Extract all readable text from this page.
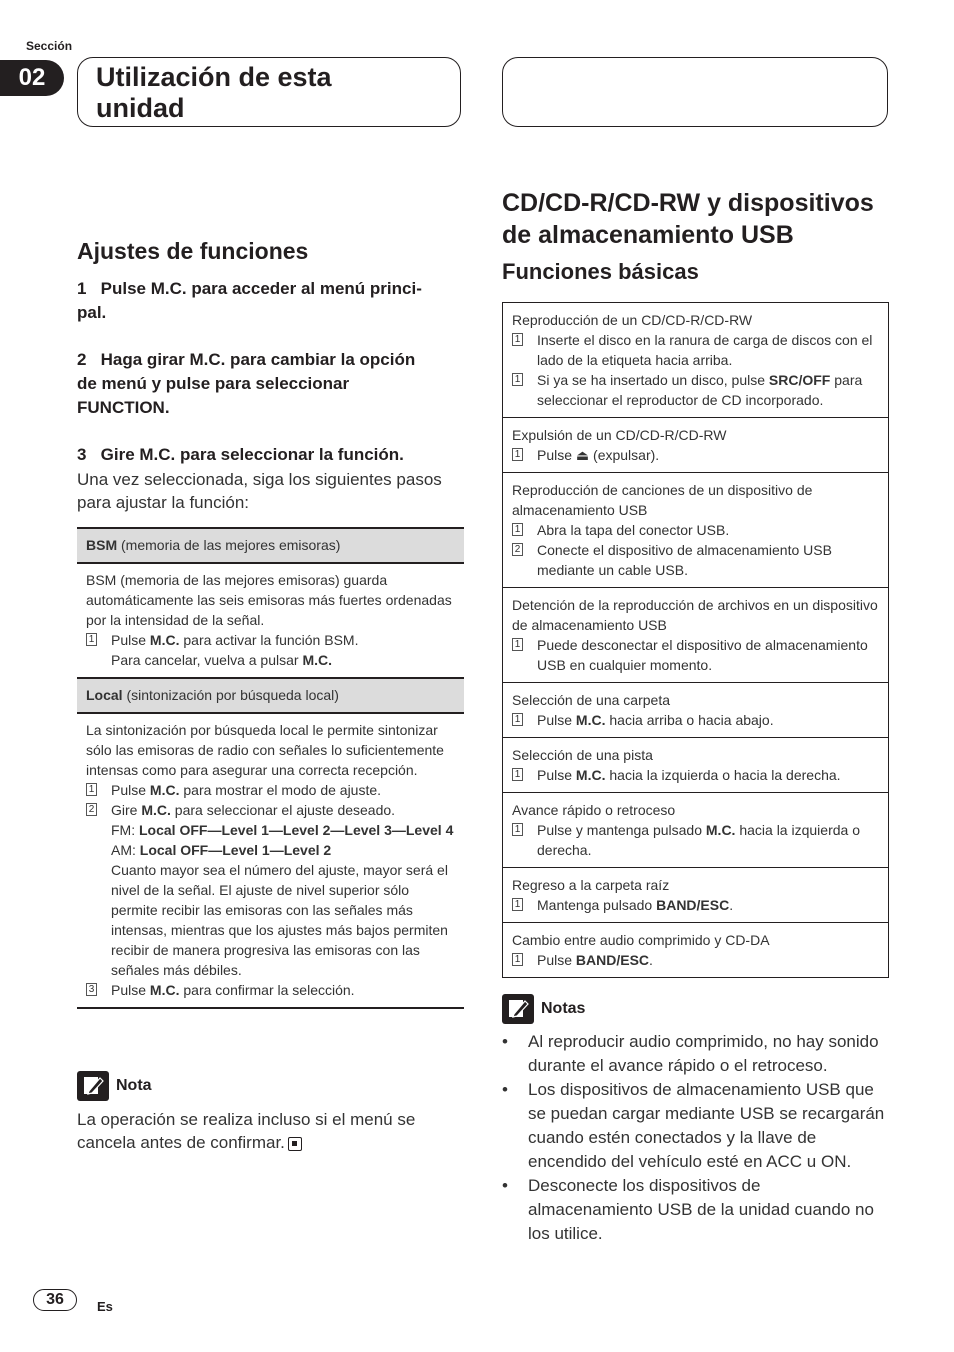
Sección
02	Utilización de esta
unidad
Ajustes de funciones
1 Pulse M.C. para acceder al menú princi-
pal.
2 Haga girar M.C. para cambiar la opción
de menú y pulse para seleccionar
FUNCTION.
3 Gire M.C. para seleccionar la función.
Una vez seleccionada, siga los siguientes pasos para ajustar la función:
BSM (memoria de las mejores emisoras)

BSM (memoria de las mejores emisoras) guarda automáticamente las seis emisoras más fuertes ordenadas por la intensidad de la señal.
1 Pulse M.C. para activar la función BSM.
Para cancelar, vuelva a pulsar M.C.

Local (sintonización por búsqueda local)

La sintonización por búsqueda local le permite sintonizar sólo las emisoras de radio con señales lo suficientemente intensas como para asegurar una correcta recepción.
1 Pulse M.C. para mostrar el modo de ajuste.
2 Gire M.C. para seleccionar el ajuste deseado.
FM: Local OFF—Level 1—Level 2—Level 3—Level 4
AM: Local OFF—Level 1—Level 2
Cuanto mayor sea el número del ajuste, mayor será el nivel de la señal. El ajuste de nivel superior sólo permite recibir las emisoras con las señales más intensas, mientras que los ajustes más bajos permiten recibir de manera progresiva las emisoras con las señales más débiles.
3 Pulse M.C. para confirmar la selección.
Nota
La operación se realiza incluso si el menú se cancela antes de confirmar.
CD/CD-R/CD-RW y dispositivos
de almacenamiento USB
Funciones básicas
Reproducción de un CD/CD-R/CD-RW
1 Inserte el disco en la ranura de carga de discos con el lado de la etiqueta hacia arriba.
1 Si ya se ha insertado un disco, pulse SRC/OFF para seleccionar el reproductor de CD incorporado.
Expulsión de un CD/CD-R/CD-RW
1 Pulse ⏏ (expulsar).
Reproducción de canciones de un dispositivo de almacenamiento USB
1 Abra la tapa del conector USB.
2 Conecte el dispositivo de almacenamiento USB mediante un cable USB.
Detención de la reproducción de archivos en un dispositivo de almacenamiento USB
1 Puede desconectar el dispositivo de almacenamiento USB en cualquier momento.
Selección de una carpeta
1 Pulse M.C. hacia arriba o hacia abajo.
Selección de una pista
1 Pulse M.C. hacia la izquierda o hacia la derecha.
Avance rápido o retroceso
1 Pulse y mantenga pulsado M.C. hacia la izquierda o derecha.
Regreso a la carpeta raíz
1 Mantenga pulsado BAND/ESC.
Cambio entre audio comprimido y CD-DA
1 Pulse BAND/ESC.
Notas
•	Al reproducir audio comprimido, no hay sonido durante el avance rápido o el retroceso.
•	Los dispositivos de almacenamiento USB que se puedan cargar mediante USB se recargarán cuando estén conectados y la llave de encendido del vehículo esté en ACC u ON.
•	Desconecte los dispositivos de almacenamiento USB de la unidad cuando no los utilice.
36	Es
